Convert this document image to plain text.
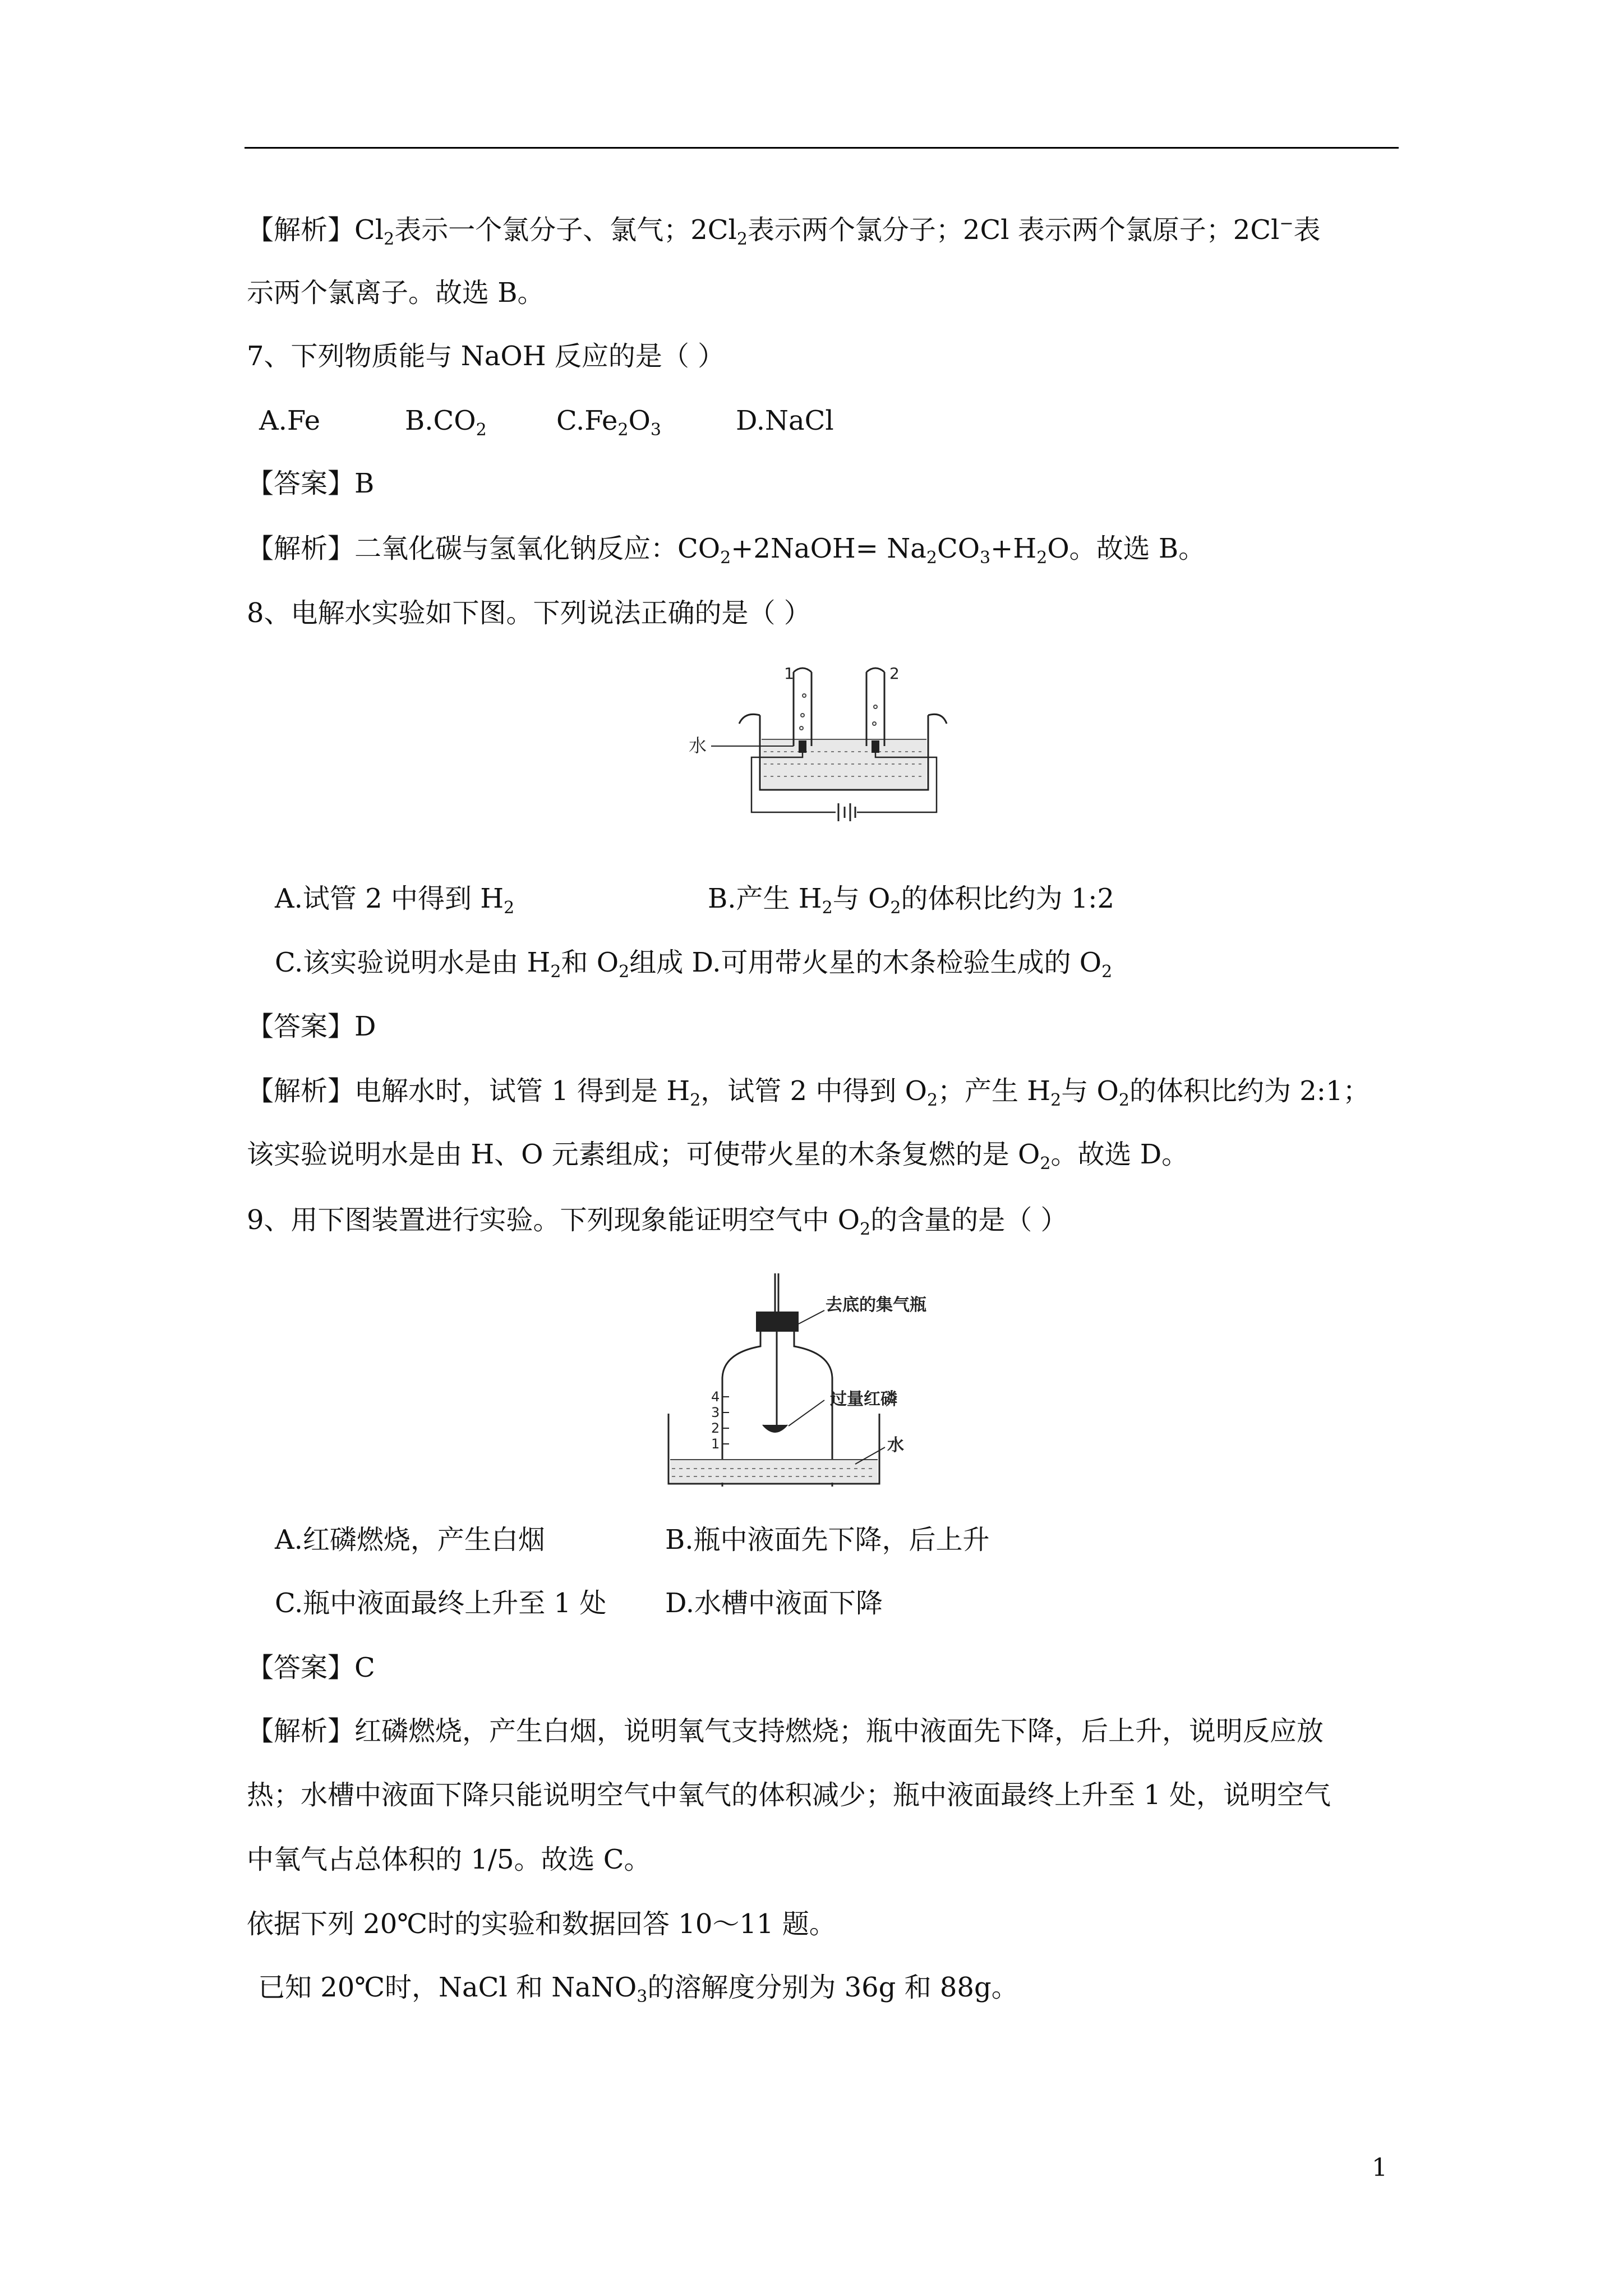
【解析】$Cl_2$表示一个氯分子、氯气；$2Cl_2$表示两个氯分子；2Cl 表示两个氯原子；2Cl−表
示两个氯离子。故选 B。
7、下列物质能与 NaOH 反应的是（ ）
A.Fe	$B.CO_2$	$C.Fe_2O_3$	D.NaCl
【答案】B
【解析】二氧化碳与氢氧化钠反应：$CO_2+2NaOH= Na_2CO_3+H_2O$。故选 B。
8、电解水实验如下图。下列说法正确的是（ ）
1	2
水
A.试管 2 中得到 $H_2$	B.产生 $H_2$与 $O_2$的体积比约为 1:2
C.该实验说明水是由 $H_2$和 $O_2$组成 D.可用带火星的木条检验生成的 $O_2$
【答案】D
【解析】电解水时，试管 1 得到是 $H_2$，试管 2 中得到 $O_2$；产生 $H_2$与 $O_2$的体积比约为 2:1；
该实验说明水是由 H、O 元素组成；可使带火星的木条复燃的是 $O_2$。故选 D。
9、用下图装置进行实验。下列现象能证明空气中 $O_2$的含量的是（ ）
4
3
2
1
去底的集气瓶
过量红磷
水
A.红磷燃烧，产生白烟	B.瓶中液面先下降，后上升
C.瓶中液面最终上升至 1 处 D.水槽中液面下降
【答案】C
【解析】红磷燃烧，产生白烟，说明氧气支持燃烧；瓶中液面先下降，后上升，说明反应放
热；水槽中液面下降只能说明空气中氧气的体积减少；瓶中液面最终上升至 1 处，说明空气
中氧气占总体积的 1/5。故选 C。
依据下列 20℃时的实验和数据回答 10～11 题。
已知 20℃时，NaCl 和 NaNO$_3$的溶解度分别为 36g 和 88g。
1
